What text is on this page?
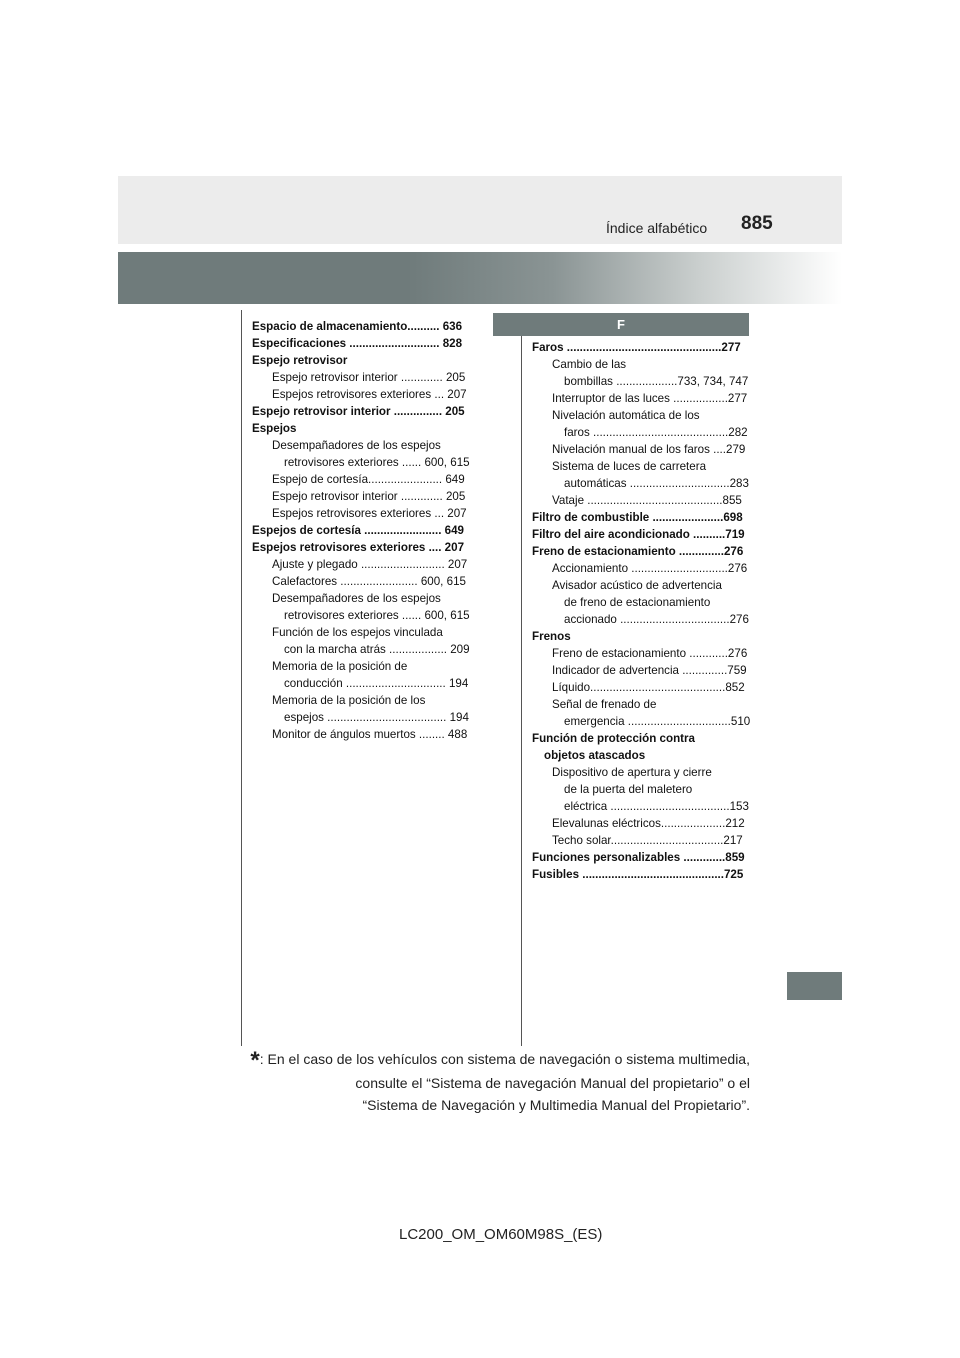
Índice alfabético 885
Espacio de almacenamiento.......... 636
Especificaciones ............................ 828
Espejo retrovisor
Espejo retrovisor interior ............. 205
Espejos retrovisores exteriores ... 207
Espejo retrovisor interior ............... 205
Espejos
Desempañadores de los espejos
retrovisores exteriores ...... 600, 615
Espejo de cortesía....................... 649
Espejo retrovisor interior ............. 205
Espejos retrovisores exteriores ... 207
Espejos de cortesía ........................ 649
Espejos retrovisores exteriores .... 207
Ajuste y plegado .......................... 207
Calefactores ........................ 600, 615
Desempañadores de los espejos
retrovisores exteriores ...... 600, 615
Función de los espejos vinculada
con la marcha atrás .................. 209
Memoria de la posición de
conducción ............................... 194
Memoria de la posición de los
espejos ..................................... 194
Monitor de ángulos muertos ........ 488
F
Faros ................................................277
Cambio de las
bombillas ...................733, 734, 747
Interruptor de las luces .................277
Nivelación automática de los
faros ..........................................282
Nivelación manual de los faros ....279
Sistema de luces de carretera
automáticas ...............................283
Vataje ..........................................855
Filtro de combustible ......................698
Filtro del aire acondicionado ..........719
Freno de estacionamiento ..............276
Accionamiento ..............................276
Avisador acústico de advertencia
de freno de estacionamiento
accionado ..................................276
Frenos
Freno de estacionamiento ............276
Indicador de advertencia ..............759
Líquido..........................................852
Señal de frenado de
emergencia ................................510
Función de protección contra
objetos atascados
Dispositivo de apertura y cierre
de la puerta del maletero
eléctrica .....................................153
Elevalunas eléctricos....................212
Techo solar...................................217
Funciones personalizables .............859
Fusibles ............................................725
*: En el caso de los vehículos con sistema de navegación o sistema multimedia,
consulte el “Sistema de navegación Manual del propietario” o el
“Sistema de Navegación y Multimedia Manual del Propietario”.
LC200_OM_OM60M98S_(ES)
